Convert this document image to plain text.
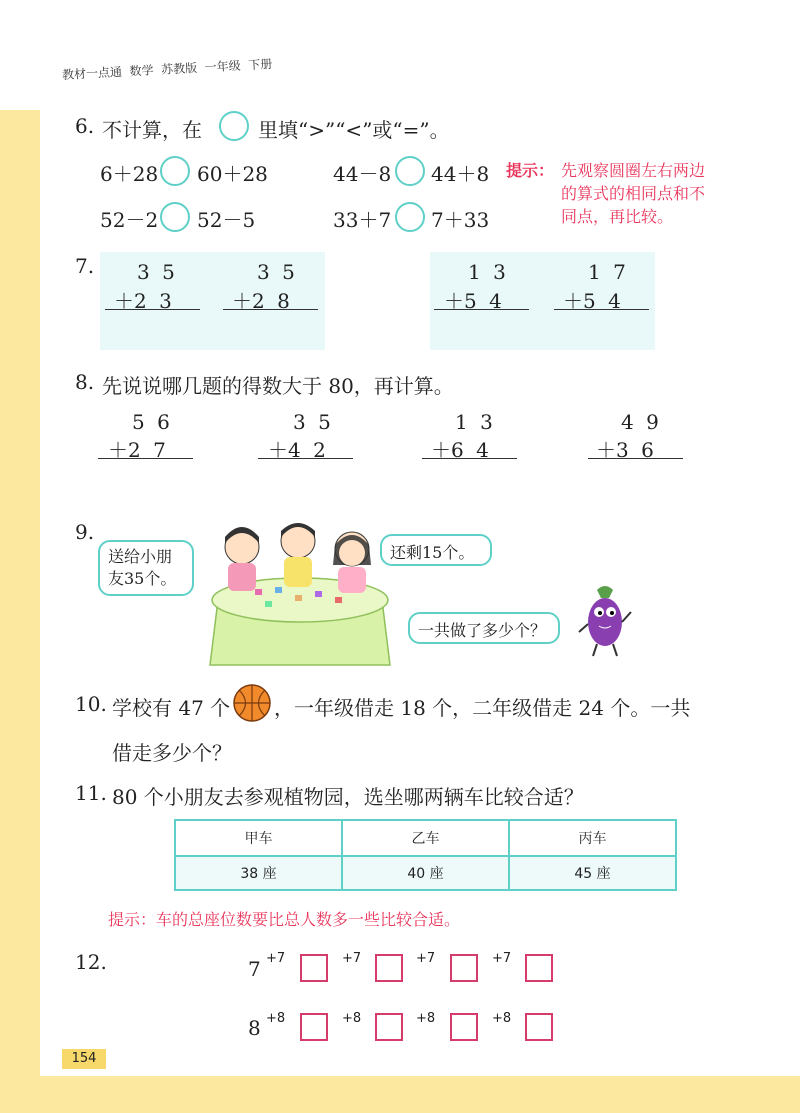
教材一点通  数学  苏教版  一年级  下册
6. 不计算，在	里填“>”“<”或“=”。
6＋28 60＋28	44－8 44＋8
52－2 52－5	33＋7 7＋33
提示： 先观察圆圈左右两边
的算式的相同点和不
同点，再比较。
7. 3 5
＋2 3
3 5
＋2 8
1 3
＋5 4
1 7
＋5 4
8. 先说说哪几题的得数大于 80，再计算。
5 6
＋2 7
3 5
＋4 2
1 3
＋6 4
4 9
＋3 6
9.
送给小朋
友35个。
还剩15个。
一共做了多少个？
10. 学校有 47 个 ，一年级借走 18 个，二年级借走 24 个。一共
借走多少个？
11. 80 个小朋友去参观植物园，选坐哪两辆车比较合适？
甲车	乙车	丙车
38 座	40 座	45 座
提示：车的总座位数要比总人数多一些比较合适。
12.	7 +7	+7	+7	+7
8 +8	+8	+8	+8
154
